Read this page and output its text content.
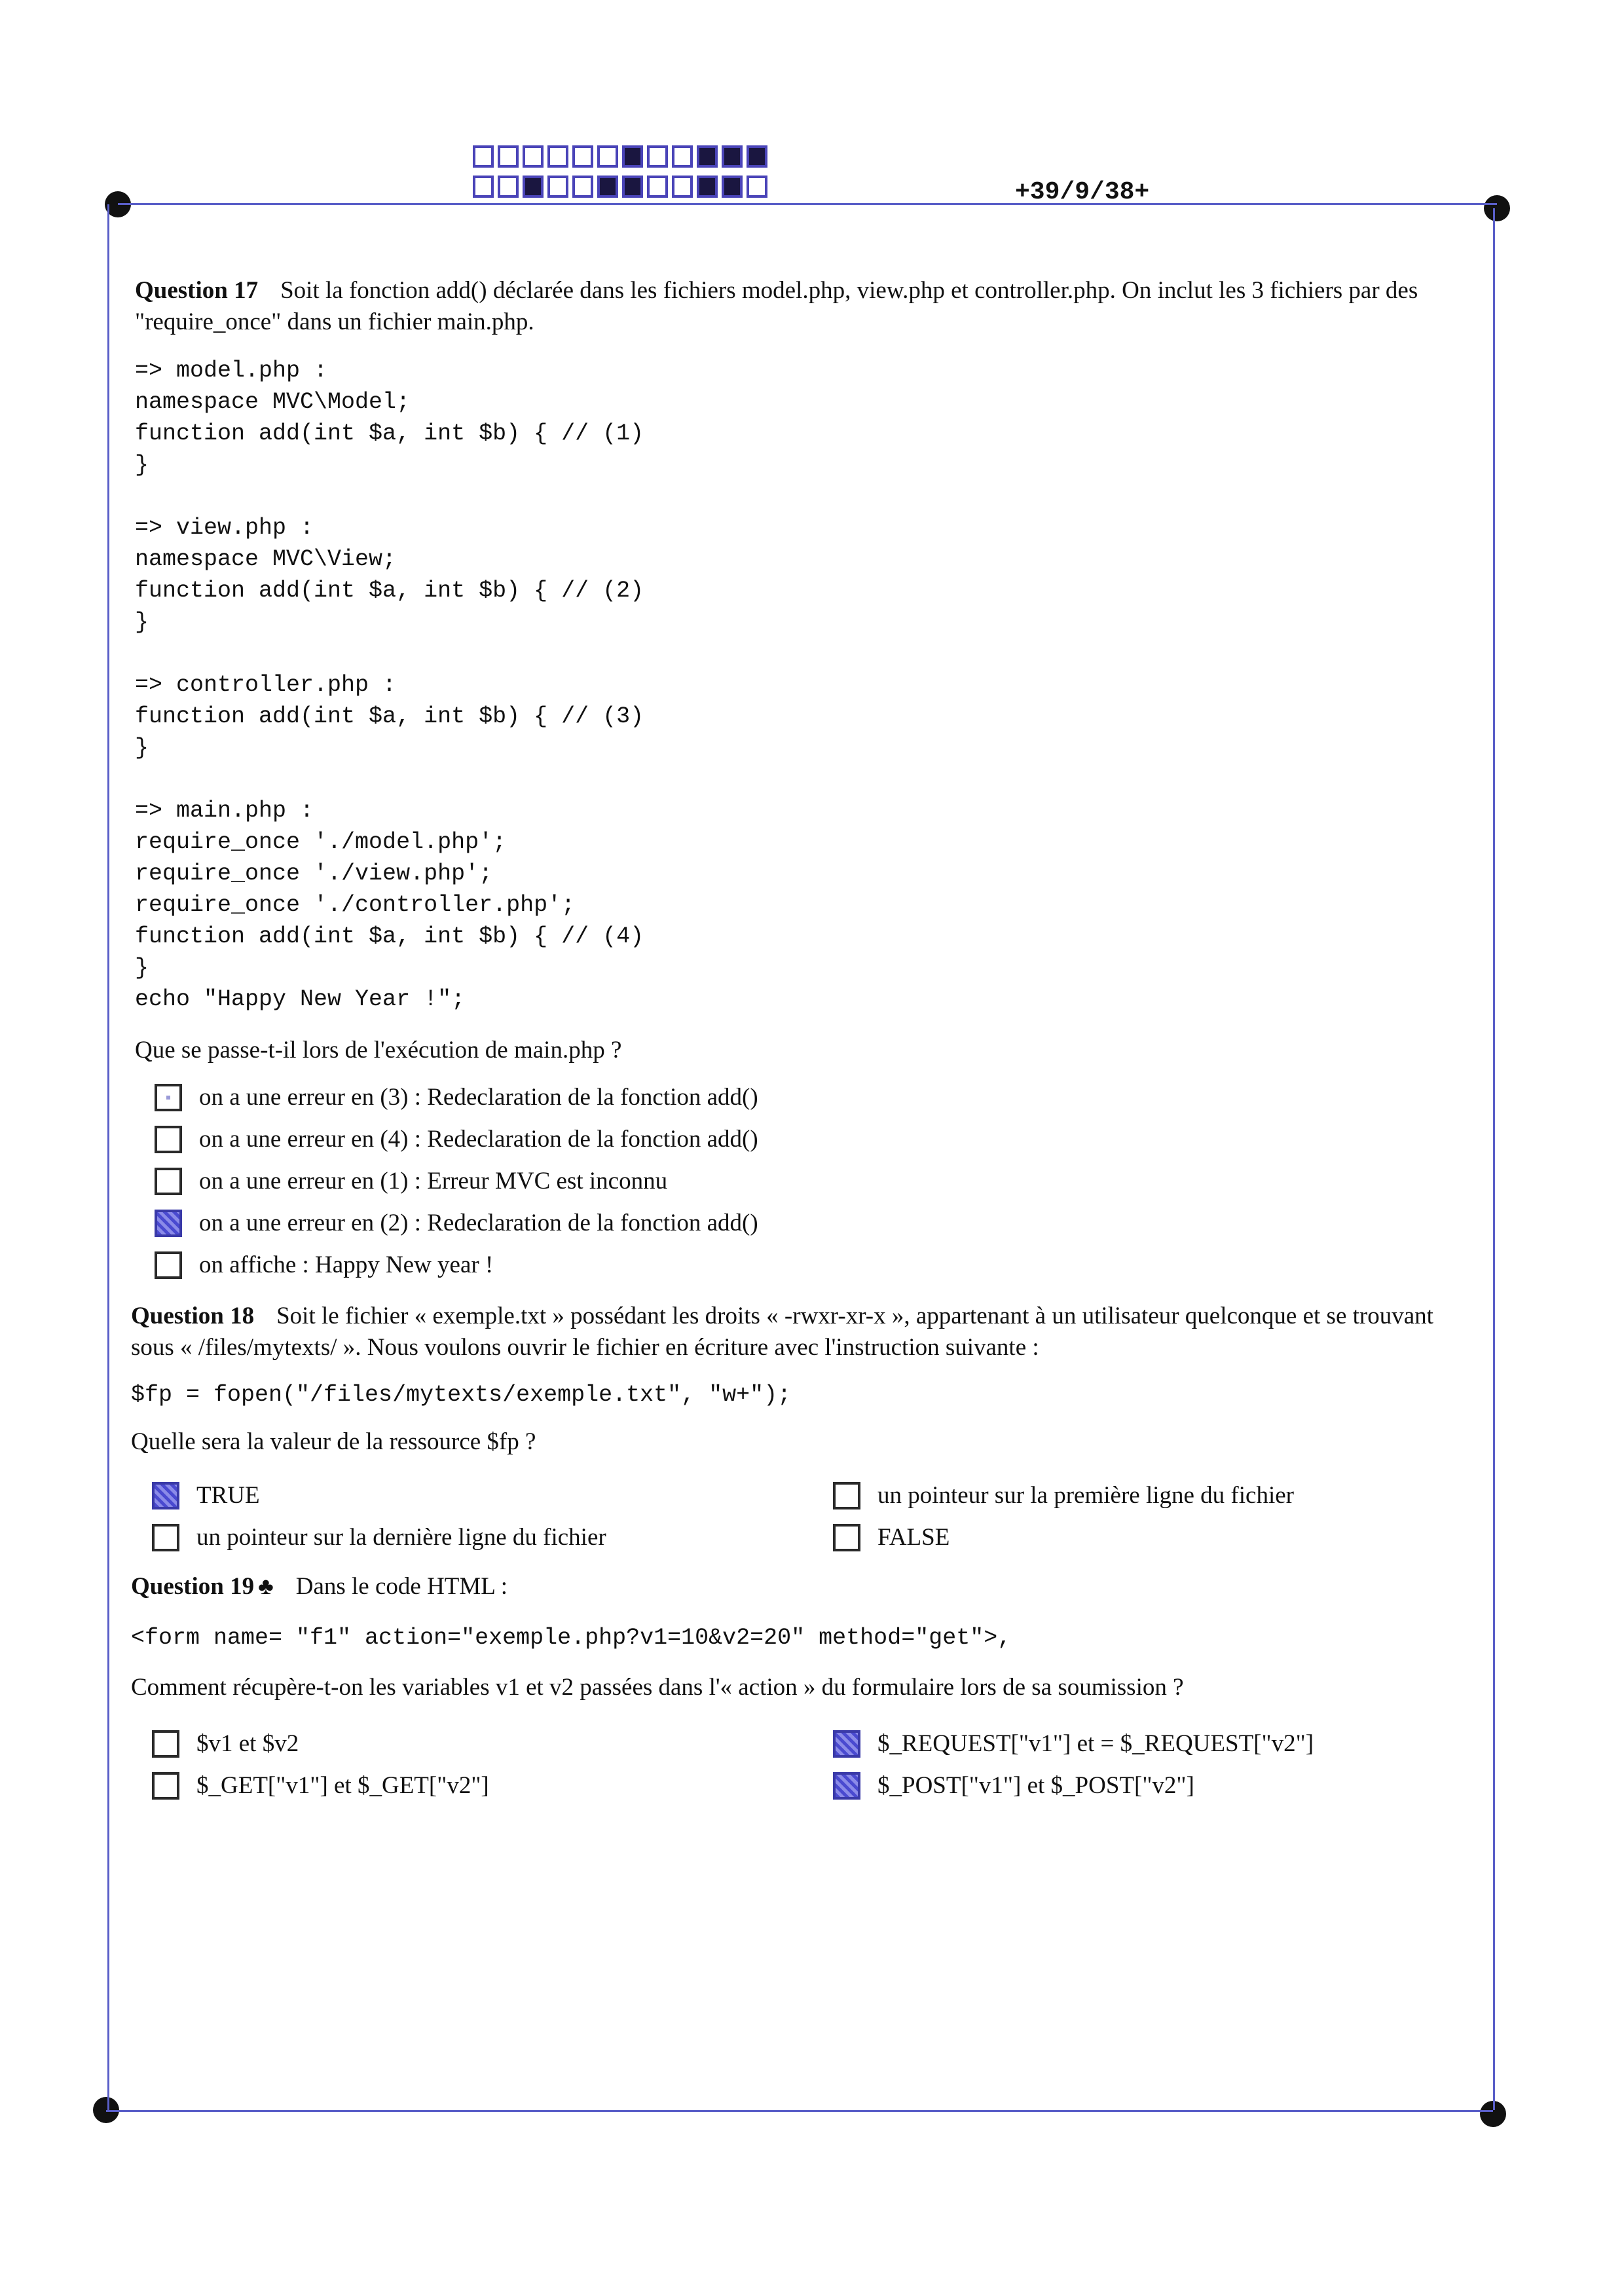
+39/9/38+

Question 17 Soit la fonction add() déclarée dans les fichiers model.php, view.php et controller.php. On inclut les 3 fichiers par des "require_once" dans un fichier main.php.

=> model.php :
namespace MVC\Model;
function add(int $a, int $b) { // (1)
}
=> view.php :
namespace MVC\View;
function add(int $a, int $b) { // (2)
}
=> controller.php :
function add(int $a, int $b) { // (3)
}
=> main.php :
require_once './model.php';
require_once './view.php';
require_once './controller.php';
function add(int $a, int $b) { // (4)
}
echo "Happy New Year !";

Que se passe-t-il lors de l'exécution de main.php ?

on a une erreur en (3) : Redeclaration de la fonction add()
on a une erreur en (4) : Redeclaration de la fonction add()
on a une erreur en (1) : Erreur MVC est inconnu
on a une erreur en (2) : Redeclaration de la fonction add()
on affiche : Happy New year !

Question 18 Soit le fichier « exemple.txt » possédant les droits « -rwxr-xr-x », appartenant à un utilisateur quelconque et se trouvant sous « /files/mytexts/ ». Nous voulons ouvrir le fichier en écriture avec l'instruction suivante :

$fp = fopen("/files/mytexts/exemple.txt", "w+");

Quelle sera la valeur de la ressource $fp ?

TRUE
un pointeur sur la dernière ligne du fichier
un pointeur sur la première ligne du fichier
FALSE

Question 19 ♣ Dans le code HTML :

<form name= "f1" action="exemple.php?v1=10&v2=20" method="get">,

Comment récupère-t-on les variables v1 et v2 passées dans l'« action » du formulaire lors de sa soumission ?

$v1 et $v2
$_GET["v1"] et $_GET["v2"]
$_REQUEST["v1"] et = $_REQUEST["v2"]
$_POST["v1"] et $_POST["v2"]
